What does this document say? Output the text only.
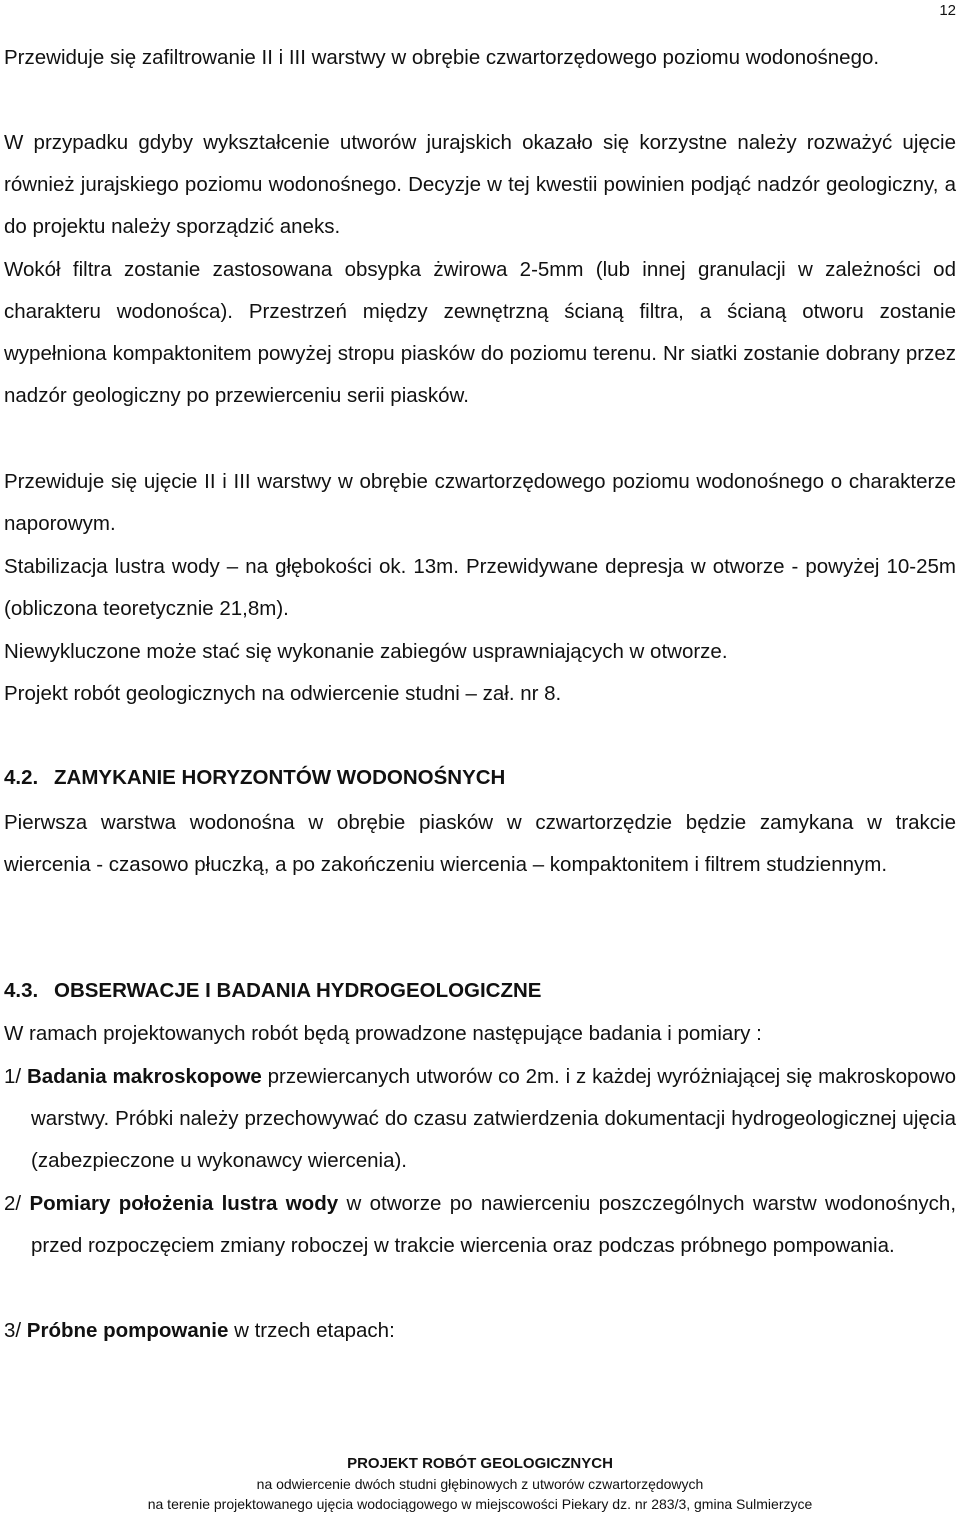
12

Przewiduje się zafiltrowanie II i III warstwy w obrębie czwartorzędowego poziomu wodonośnego.

W przypadku gdyby wykształcenie utworów jurajskich okazało się korzystne należy rozważyć ujęcie również jurajskiego poziomu wodonośnego. Decyzje w tej kwestii powinien podjąć nadzór geologiczny, a do projektu należy sporządzić aneks.

Wokół filtra zostanie zastosowana obsypka żwirowa 2-5mm (lub innej granulacji w zależności od charakteru wodonośca). Przestrzeń między zewnętrzną ścianą filtra, a ścianą otworu zostanie wypełniona kompaktonitem powyżej stropu piasków do poziomu terenu. Nr siatki zostanie dobrany przez nadzór geologiczny po przewierceniu serii piasków.

Przewiduje się ujęcie II i III warstwy w obrębie czwartorzędowego poziomu wodonośnego o charakterze naporowym.

Stabilizacja lustra wody – na głębokości ok. 13m. Przewidywane depresja w otworze - powyżej 10-25m (obliczona teoretycznie 21,8m).

Niewykluczone może stać się wykonanie zabiegów usprawniających w otworze.

Projekt robót geologicznych na odwiercenie studni – zał. nr 8.

4.2. ZAMYKANIE HORYZONTÓW WODONOŚNYCH

Pierwsza warstwa wodonośna w obrębie piasków w czwartorzędzie będzie zamykana w trakcie wiercenia - czasowo płuczką, a po zakończeniu wiercenia – kompaktonitem i filtrem studziennym.

4.3. OBSERWACJE I BADANIA HYDROGEOLOGICZNE

W ramach projektowanych robót będą prowadzone następujące badania i pomiary :

1/ Badania makroskopowe przewiercanych utworów co 2m. i z każdej wyróżniającej się makroskopowo warstwy. Próbki należy przechowywać do czasu zatwierdzenia dokumentacji hydrogeologicznej ujęcia (zabezpieczone u wykonawcy wiercenia).

2/ Pomiary położenia lustra wody w otworze po nawierceniu poszczególnych warstw wodonośnych, przed rozpoczęciem zmiany roboczej w trakcie wiercenia oraz podczas próbnego pompowania.

3/ Próbne pompowanie w trzech etapach:

PROJEKT ROBÓT GEOLOGICZNYCH
na odwiercenie dwóch studni głębinowych z utworów czwartorzędowych
na terenie projektowanego ujęcia wodociągowego w miejscowości Piekary dz. nr 283/3, gmina Sulmierzyce
